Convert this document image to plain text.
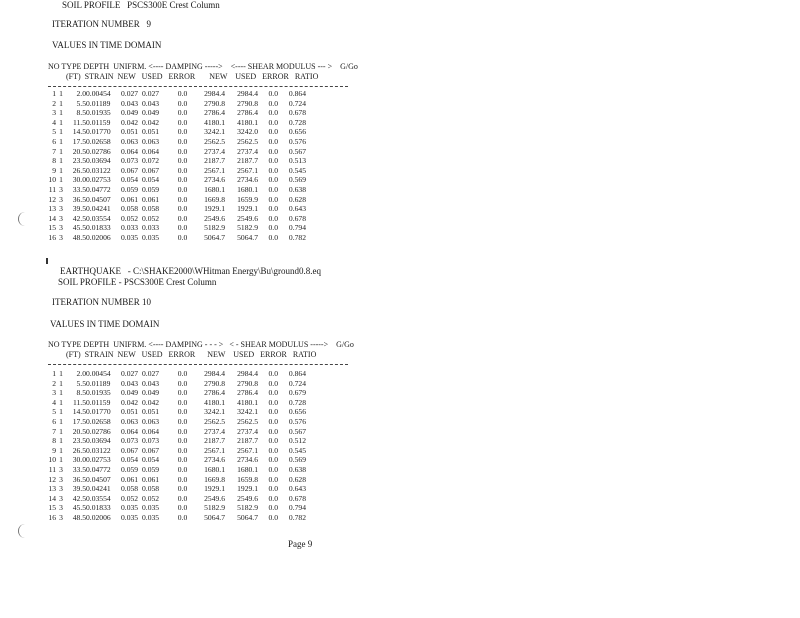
SOIL PROFILE   PSCS300E Crest Column
ITERATION NUMBER   9
VALUES IN TIME DOMAIN
NO TYPE DEPTH  UNIFRM. <---- DAMPING ----->    <---- SHEAR MODULUS --- >    G/Go
(FT)  STRAIN  NEW   USED   ERROR       NEW    USED   ERROR   RATIO
1	1	2.0	0.00454	0.027	0.027	0.0	2984.4	2984.4	0.0	0.864
2	1	5.5	0.01189	0.043	0.043	0.0	2790.8	2790.8	0.0	0.724
3	1	8.5	0.01935	0.049	0.049	0.0	2786.4	2786.4	0.0	0.678
4	1	11.5	0.01159	0.042	0.042	0.0	4180.1	4180.1	0.0	0.728
5	1	14.5	0.01770	0.051	0.051	0.0	3242.1	3242.0	0.0	0.656
6	1	17.5	0.02658	0.063	0.063	0.0	2562.5	2562.5	0.0	0.576
7	1	20.5	0.02786	0.064	0.064	0.0	2737.4	2737.4	0.0	0.567
8	1	23.5	0.03694	0.073	0.072	0.0	2187.7	2187.7	0.0	0.513
9	1	26.5	0.03122	0.067	0.067	0.0	2567.1	2567.1	0.0	0.545
10	1	30.0	0.02753	0.054	0.054	0.0	2734.6	2734.6	0.0	0.569
11	3	33.5	0.04772	0.059	0.059	0.0	1680.1	1680.1	0.0	0.638
12	3	36.5	0.04507	0.061	0.061	0.0	1669.8	1659.9	0.0	0.628
13	3	39.5	0.04241	0.058	0.058	0.0	1929.1	1929.1	0.0	0.643
14	3	42.5	0.03554	0.052	0.052	0.0	2549.6	2549.6	0.0	0.678
15	3	45.5	0.01833	0.033	0.033	0.0	5182.9	5182.9	0.0	0.794
16	3	48.5	0.02006	0.035	0.035	0.0	5064.7	5064.7	0.0	0.782
EARTHQUAKE   - C:\SHAKE2000\WHitman Energy\Bu\ground0.8.eq
SOIL PROFILE - PSCS300E Crest Column
ITERATION NUMBER 10
VALUES IN TIME DOMAIN
NO TYPE DEPTH  UNIFRM. <---- DAMPING - - - >   < - SHEAR MODULUS ----->    G/Go
(FT)  STRAIN  NEW   USED   ERROR      NEW    USED   ERROR   RATIO
1	1	2.0	0.00454	0.027	0.027	0.0	2984.4	2984.4	0.0	0.864
2	1	5.5	0.01189	0.043	0.043	0.0	2790.8	2790.8	0.0	0.724
3	1	8.5	0.01935	0.049	0.049	0.0	2786.4	2786.4	0.0	0.679
4	1	11.5	0.01159	0.042	0.042	0.0	4180.1	4180.1	0.0	0.728
5	1	14.5	0.01770	0.051	0.051	0.0	3242.1	3242.1	0.0	0.656
6	1	17.5	0.02658	0.063	0.063	0.0	2562.5	2562.5	0.0	0.576
7	1	20.5	0.02786	0.064	0.064	0.0	2737.4	2737.4	0.0	0.567
8	1	23.5	0.03694	0.073	0.073	0.0	2187.7	2187.7	0.0	0.512
9	1	26.5	0.03122	0.067	0.067	0.0	2567.1	2567.1	0.0	0.545
10	1	30.0	0.02753	0.054	0.054	0.0	2734.6	2734.6	0.0	0.569
11	3	33.5	0.04772	0.059	0.059	0.0	1680.1	1680.1	0.0	0.638
12	3	36.5	0.04507	0.061	0.061	0.0	1669.8	1659.8	0.0	0.628
13	3	39.5	0.04241	0.058	0.058	0.0	1929.1	1929.1	0.0	0.643
14	3	42.5	0.03554	0.052	0.052	0.0	2549.6	2549.6	0.0	0.678
15	3	45.5	0.01833	0.035	0.035	0.0	5182.9	5182.9	0.0	0.794
16	3	48.5	0.02006	0.035	0.035	0.0	5064.7	5064.7	0.0	0.782
Page 9
